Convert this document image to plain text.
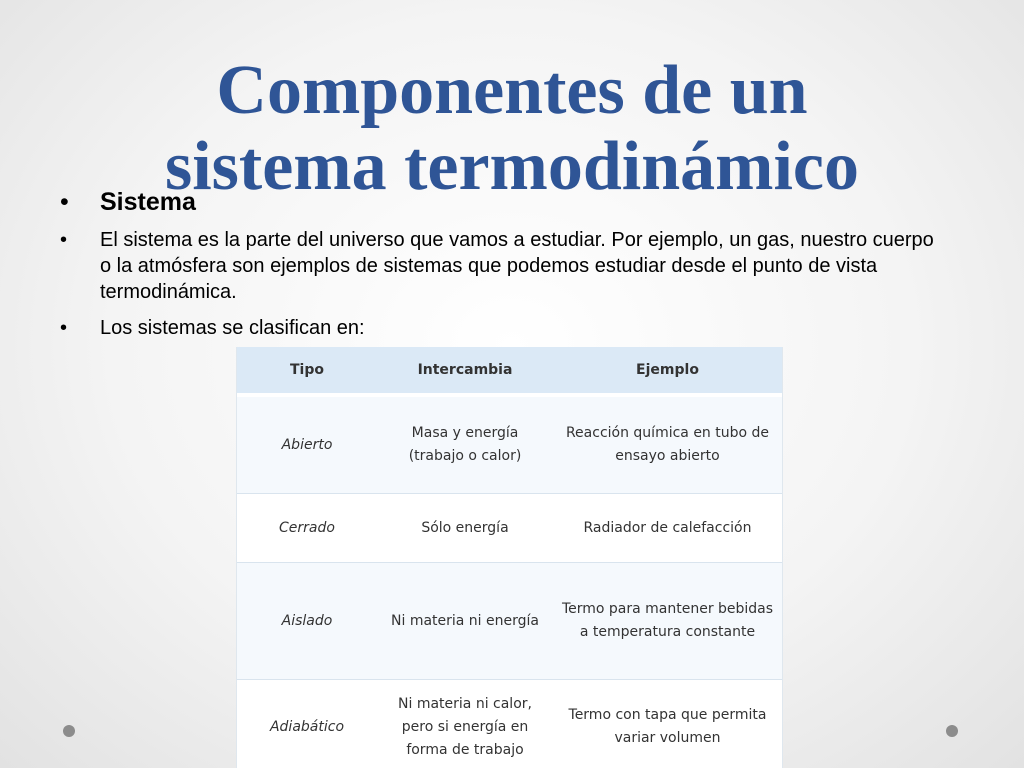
Componentes de un
sistema termodinámico
• Sistema
• El sistema es la parte del universo que vamos a estudiar. Por ejemplo, un gas, nuestro cuerpo o la atmósfera son ejemplos de sistemas que podemos estudiar desde el punto de vista termodinámica.
• Los sistemas se clasifican en:
Tipo	Intercambia	Ejemplo
Abierto	Masa y energía (trabajo o calor)	Reacción química en tubo de ensayo abierto
Cerrado	Sólo energía	Radiador de calefacción
Aislado	Ni materia ni energía	Termo para mantener bebidas a temperatura constante
Adiabático	Ni materia ni calor, pero si energía en forma de trabajo	Termo con tapa que permita variar volumen
